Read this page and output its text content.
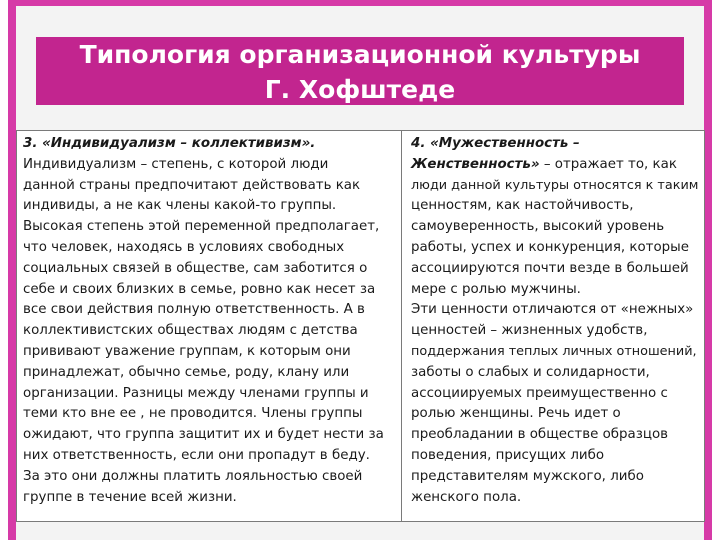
Типология организационной культуры
Г. Хофштеде
3. «Индивидуализм – коллективизм».
Индивидуализм – степень, с которой люди
данной страны предпочитают действовать как
индивиды, а не как члены какой-то группы.
Высокая степень этой переменной предполагает,
что человек, находясь в условиях свободных
социальных связей в обществе, сам заботится о
себе и своих близких в семье, ровно как несет за
все свои действия полную ответственность. А в
коллективистских обществах людям с детства
прививают уважение группам, к которым они
принадлежат, обычно семье, роду, клану или
организации. Разницы между членами группы и
теми кто вне ее , не проводится. Члены группы
ожидают, что группа защитит их и будет нести за
них ответственность, если они пропадут в беду.
За это они должны платить лояльностью своей
группе в течение всей жизни.
4. «Мужественность –
Женственность» – отражает то, как
люди данной культуры относятся к таким
ценностям, как настойчивость,
самоуверенность, высокий уровень
работы, успех и конкуренция, которые
ассоциируются почти везде в большей
мере с ролью мужчины.
Эти ценности отличаются от «нежных»
ценностей – жизненных удобств,
поддержания теплых личных отношений,
заботы о слабых и солидарности,
ассоциируемых преимущественно с
ролью женщины. Речь идет о
преобладании в обществе образцов
поведения, присущих либо
представителям мужского, либо
женского пола.
